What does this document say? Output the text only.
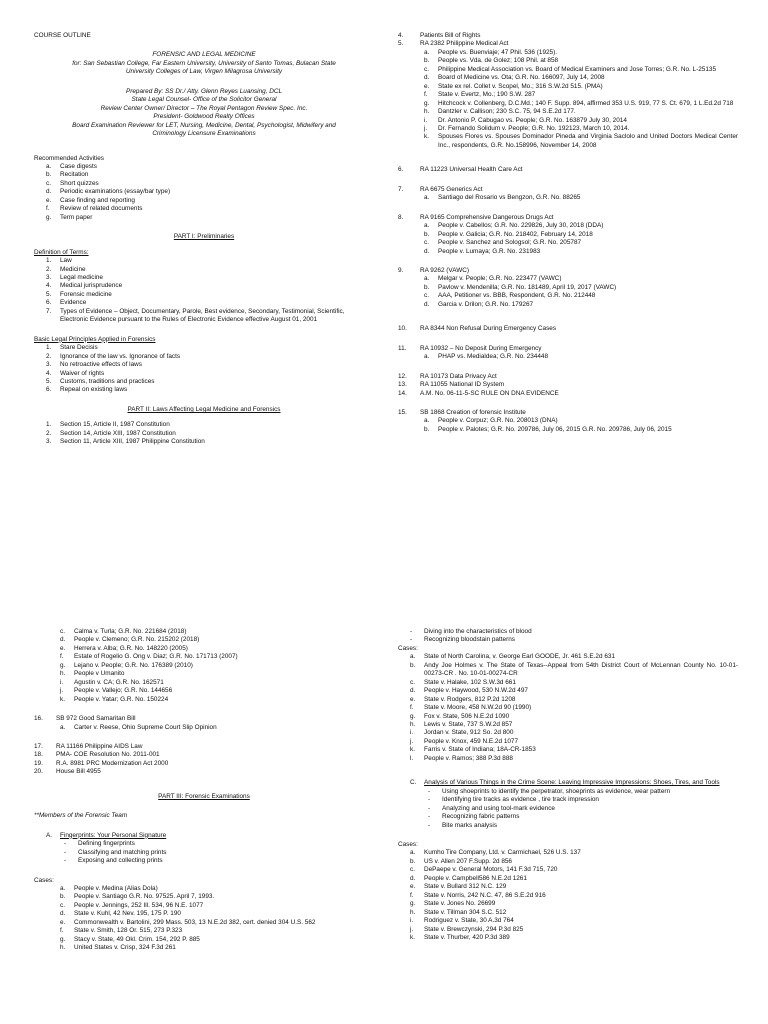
COURSE OUTLINE

FORENSIC AND LEGAL MEDICINE

for: San Sebastian College, Far Eastern University, University of Santo Tomas, Bulacan State

University Colleges of Law, Virgen Milagrosa University

Prepared By: SS Dr./ Atty. Glenn Reyes Luansing, DCL

State Legal Counsel- Office of the Solicitor General

Review Center Owner/ Director – The Royal Pentagon Review Spec. Inc.

President- Goldwood Realty Offices

Board Examination Reviewer for LET, Nursing, Medicine, Dental, Psychologist, Midwifery and

Criminology Licensure Examinations

Recommended Activities

a.	Case digests
b.	Recitation
c.	Short quizzes
d.	Periodic examinations (essay/bar type)
e.	Case finding and reporting
f.	Review of related documents
g.	Term paper

PART I: Preliminaries

Definition of Terms:

1.	Law
2.	Medicine
3.	Legal medicine
4.	Medical jurisprudence
5.	Forensic medicine
6.	Evidence
7.	Types of Evidence – Object, Documentary, Parole, Best evidence, Secondary, Testimonial, Scientific, Electronic Evidence pursuant to the Rules of Electronic Evidence effective August 01, 2001

Basic Legal Principles Applied in Forensics

1.	Stare Decisis
2.	Ignorance of the law vs. Ignorance of facts
3.	No retroactive effects of laws
4.	Waiver of rights
5.	Customs, traditions and practices
6.	Repeal on existing laws

PART II: Laws Affecting Legal Medicine and Forensics

1.	Section 15, Article II, 1987 Constitution
2.	Section 14, Article XIII, 1987 Constitution
3.	Section 11, Article XIII, 1987 Philippine Constitution
4.	Patients Bill of Rights
5.	RA 2382 Philippine Medical Act
a.	People vs. Buenviaje; 47 Phil. 536 (1925).
b.	People vs. Vda. de Golez; 108 Phil. at 858
c.	Philippine Medical Association vs. Board of Medical Examiners and Jose Torres; G.R. No. L-25135
d.	Board of Medicine vs. Ota; G.R. No. 166097, July 14, 2008
e.	State ex rel. Collet v. Scopel, Mo.; 316 S.W.2d 515. (PMA)
f.	State v. Evertz, Mo.; 190 S.W. 287
g.	Hitchcock v. Collenberg, D.C.Md.; 140 F. Supp. 894, affirmed 353 U.S. 919, 77 S. Ct. 679, 1 L.Ed.2d 718
h.	Dantzler v. Callison; 230 S.C. 75, 94 S.E.2d 177.
i.	Dr. Antonio P. Cabugao vs. People; G.R. No. 163879 July 30, 2014
j.	Dr. Fernando Solidum v. People; G.R. No. 192123, March 10, 2014.
k.	Spouses Flores vs. Spouses Dominador Pineda and Virginia Saclolo and United Doctors Medical Center Inc., respondents, G.R. No.158996, November 14, 2008
6.	RA 11223 Universal Health Care Act
7.	RA 6675 Generics Act
a.	Santiago del Rosario vs Bengzon, G.R. No. 88265
8.	RA 9165 Comprehensive Dangerous Drugs Act
a.	People v. Cabellos; G.R. No. 229826, July 30, 2018 (DDA)
b.	People v. Galicia; G.R. No. 218402, February 14, 2018
c.	People v. Sanchez and Sologsol; G.R. No. 205787
d.	People v. Lumaya; G.R. No. 231983
9.	RA 9262 (VAWC)
a.	Melgar v. People; G.R. No. 223477 (VAWC)
b.	Pavlow v. Mendenilla; G.R. No. 181489, April 19, 2017 (VAWC)
c.	AAA, Petitioner vs. BBB, Respondent, G.R. No. 212448
d.	Garcia v. Drilon; G.R. No. 179267
10.	RA 8344 Non Refusal During Emergency Cases
11.	RA 10932 – No Deposit During Emergency
a.	PHAP vs. Medialdea; G.R. No. 234448
12.	RA 10173 Data Privacy Act
13.	RA 11055 National ID System
14.	A.M. No. 06-11-5-SC RULE ON DNA EVIDENCE
15.	SB 1868 Creation of forensic Institute
a.	People v. Corpuz; G.R. No. 208013 (DNA)
b.	People v. Palotes; G.R. No. 209786, July 06, 2015 G.R. No. 209786, July 06, 2015
c.	Calma v. Turla; G.R. No. 221684 (2018)
d.	People v. Clemeno; G.R. No. 215202 (2018)
e.	Herrera v. Alba; G.R. No. 148220 (2005)
f.	Estate of Rogelio G. Ong v. Diaz; G.R. No. 171713 (2007)
g.	Lejano v. People; G.R. No. 176389 (2010)
h.	People v Umanito
i.	Agustin v. CA; G.R. No. 162571
j.	People v. Vallejo; G.R. No. 144656
k.	People v. Yatar; G.R. No. 150224
16.	SB 972 Good Samaritan Bill
a.	Carter v. Reese, Ohio Supreme Court Slip Opinion
17.	RA 11166 Philippine AIDS Law
18.	PMA- COE Resolution No. 2011-001
19.	R.A. 8981 PRC Modernization Act 2000
20.	House Bill 4955

PART III: Forensic Examinations

**Members of the Forensic Team

A.	Fingerprints: Your Personal Signature
-	Defining fingerprints
-	Classifying and matching prints
-	Exposing and collecting prints

Cases:

a.	People v. Medina (Alias Dola)
b.	People v. Santiago G.R. No. 97525. April 7, 1993.
c.	People v. Jennings, 252 Ill. 534, 96 N.E. 1077
d.	State v. Kuhl, 42 Nev. 195, 175 P. 190
e.	Commonwealth v. Bartolini, 299 Mass. 503, 13 N.E.2d 382, cert. denied 304 U.S. 562
f.	State v. Smith, 128 Or. 515, 273 P.323
g.	Stacy v. State, 49 Okl. Crim. 154, 292 P. 885
h.	United States v. Crisp, 324 F.3d 261
-	Diving into the characteristics of blood
-	Recognizing bloodstain patterns

Cases:

a.	State of North Carolina, v. George Earl GOODE, Jr. 461 S.E.2d 631
b.	Andy Joe Holmes v. The State of Texas--Appeal from 54th District Court of McLennan County No. 10-01-00273-CR . No. 10-01-00274-CR
c.	State v. Halake, 102 S.W.3d 661
d.	People v. Haywood, 530 N.W.2d 497
e.	State v. Rodgers, 812 P.2d 1208
f.	State v. Moore, 458 N.W.2d 90 (1990)
g.	Fox v. State, 506 N.E.2d 1090
h.	Lewis v. State, 737 S.W.2d 857
i.	Jordan v. State, 912 So. 2d 800
j.	People v. Knox, 459 N.E.2d 1077
k.	Farris v. State of Indiana; 18A-CR-1853
l.	People v. Ramos; 388 P.3d 888
C.	Analysis of Various Things in the Crime Scene: Leaving Impressive Impressions: Shoes, Tires, and Tools
-	Using shoeprints to identify the perpetrator, shoeprints as evidence, wear pattern
-	Identifying tire tracks as evidence , tire track impression
-	Analyzing and using tool-mark evidence
-	Recognizing fabric patterns
-	Bite marks analysis

Cases:

a.	Kumho Tire Company, Ltd. v. Carmichael, 526 U.S. 137
b.	US v. Allen 207 F.Supp. 2d 856
c.	DePaepe v. General Motors, 141 F.3d 715, 720
d.	People v. Campbell586 N.E.2d 1261
e.	State v. Bullard 312 N.C. 129
f.	State v. Norris, 242 N.C. 47, 86 S.E.2d 916
g.	State v. Jones No. 26699
h.	State v. Tillman 304 S.C. 512
i.	Rodriguez v. State, 30 A.3d 764
j.	State v. Brewczynski, 294 P.3d 825
k.	State v. Thurber, 420 P.3d 389
